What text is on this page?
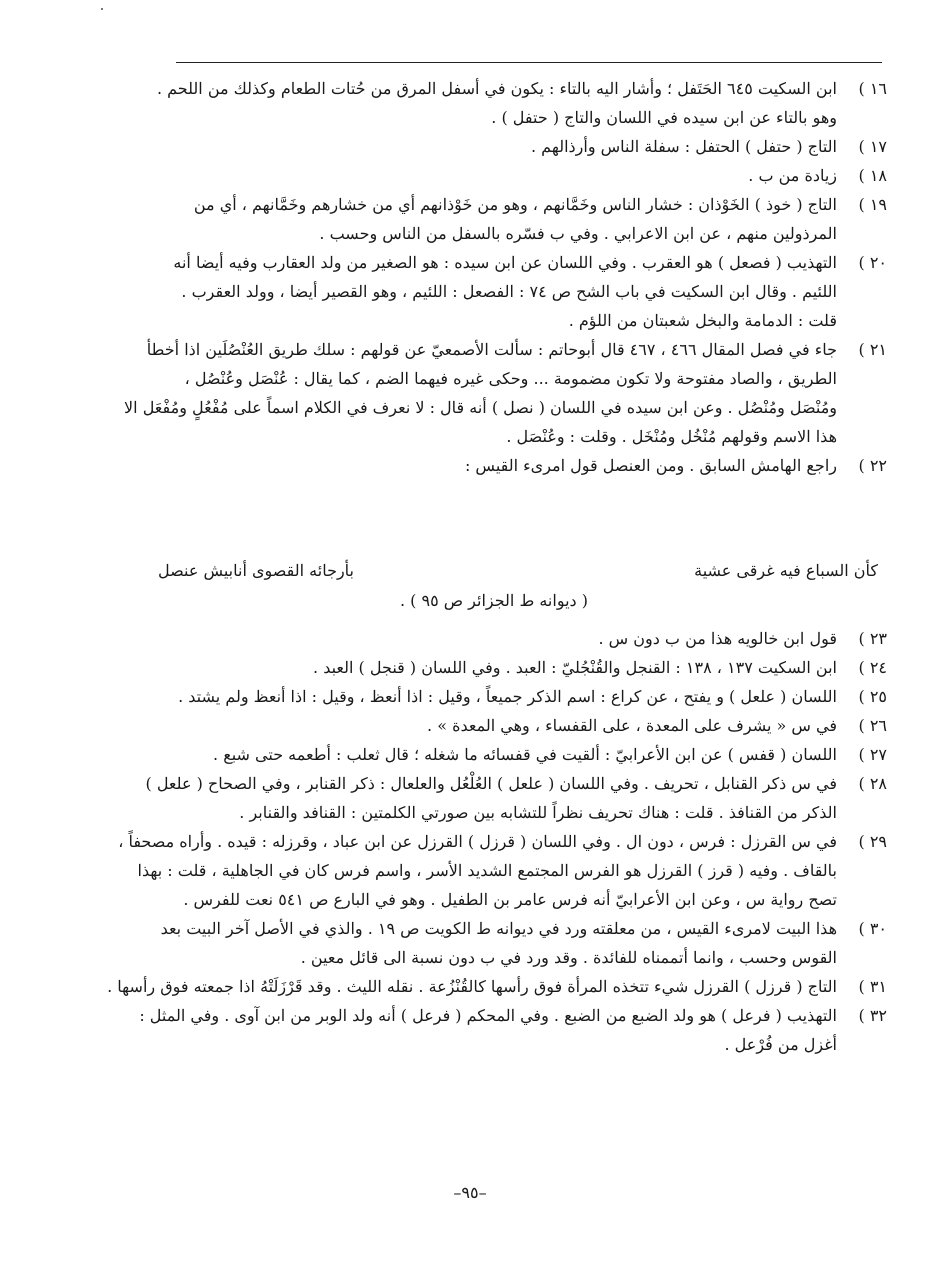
١٦ )
ابن السكيت ٦٤٥ الحَتَفل ؛ وأشار اليه بالتاء : يكون في أسفل المرق من حُتات الطعام وكذلك من اللحم .
وهو بالتاء عن ابن سيده في اللسان والتاج ( حتفل ) .
١٧ )
التاج ( حتفل ) الحتفل : سفلة الناس وأرذالهم .
١٨ )
زيادة من ب .
١٩ )
التاج ( خوذ ) الخَوْذان : خشار الناس وخَمَّانهم ، وهو من خَوْذانهم أي من خشارهم وخَمَّانهم ، أي من
المرذولين منهم ، عن ابن الاعرابي . وفي ب فسّره بالسفل من الناس وحسب .
٢٠ )
التهذيب ( فصعل ) هو العقرب . وفي اللسان عن ابن سيده : هو الصغير من ولد العقارب وفيه أيضا أنه
اللئيم . وقال ابن السكيت في باب الشح ص ٧٤ : الفصعل : اللئيم ، وهو القصير أيضا ، وولد العقرب .
قلت : الدمامة والبخل شعبتان من اللؤم .
٢١ )
جاء في فصل المقال ٤٦٦ ، ٤٦٧ قال أبوحاتم : سألت الأصمعيّ عن قولهم : سلك طريق العُنْصُلَين اذا أخطأ
الطريق ، والصاد مفتوحة ولا تكون مضمومة ... وحكى غيره فيهما الضم ، كما يقال : عُنْصَل وعُنْصُل ،
ومُنْصَل ومُنْصُل . وعن ابن سيده في اللسان ( نصل ) أنه قال : لا نعرف في الكلام اسماً على مُفْعُلٍ ومُفْعَل الا
هذا الاسم وقولهم مُنْخُل ومُنْخَل . وقلت : وعُنْصَل .
٢٢ )
راجع الهامش السابق . ومن العنصل قول امرىء القيس :
كأن السباع فيه غرقى عشية
بأرجائه القصوى أنابيش عنصل
( ديوانه ط الجزائر ص ٩٥ ) .
٢٣ )
قول ابن خالويه هذا من ب دون س .
٢٤ )
ابن السكيت ١٣٧ ، ١٣٨ : القنجل والقُنْجُليّ : العبد . وفي اللسان ( قنجل ) العبد .
٢٥ )
اللسان ( علعل ) و يفتح ، عن كراع : اسم الذكر جميعاً ، وقيل : اذا أنعظ ، وقيل : اذا أنعظ ولم يشتد .
٢٦ )
في س « يشرف على المعدة ، على القفساء ، وهي المعدة » .
٢٧ )
اللسان ( قفس ) عن ابن الأعرابيّ : ألقيت في قفسائه ما شغله ؛ قال ثعلب : أطعمه حتى شبع .
٢٨ )
في س ذكر القنابل ، تحريف . وفي اللسان ( علعل ) العُلْعُل والعلعال : ذكر القنابر ، وفي الصحاح ( علعل )
الذكر من القنافذ . قلت : هناك تحريف نظراً للتشابه بين صورتي الكلمتين : القنافد والقنابر .
٢٩ )
في س القرزل : فرس ، دون ال . وفي اللسان ( قرزل ) القرزل عن ابن عباد ، وقرزله : قيده . وأراه مصحفاً ،
بالقاف . وفيه ( قرز ) القرزل هو الفرس المجتمع الشديد الأسر ، واسم فرس كان في الجاهلية ، قلت : بهذا
تصح رواية س ، وعن ابن الأعرابيّ أنه فرس عامر بن الطفيل . وهو في البارع ص ٥٤١ نعت للفرس .
٣٠ )
هذا البيت لامرىء القيس ، من معلقته ورد في ديوانه ط الكويت ص ١٩ . والذي في الأصل آخر البيت بعد
القوس وحسب ، وانما أتممناه للفائدة . وقد ورد في ب دون نسبة الى قائل معين .
٣١ )
التاج ( قرزل ) القرزل شيء تتخذه المرأة فوق رأسها كالقُنْزُعة . نقله الليث . وقد قَرْزَلَتْهُ اذا جمعته فوق رأسها .
٣٢ )
التهذيب ( فرعل ) هو ولد الضبع من الضبع . وفي المحكم ( فرعل ) أنه ولد الوبر من ابن آوى . وفي المثل :
أغزل من فُرْعل .
–٩٥–
